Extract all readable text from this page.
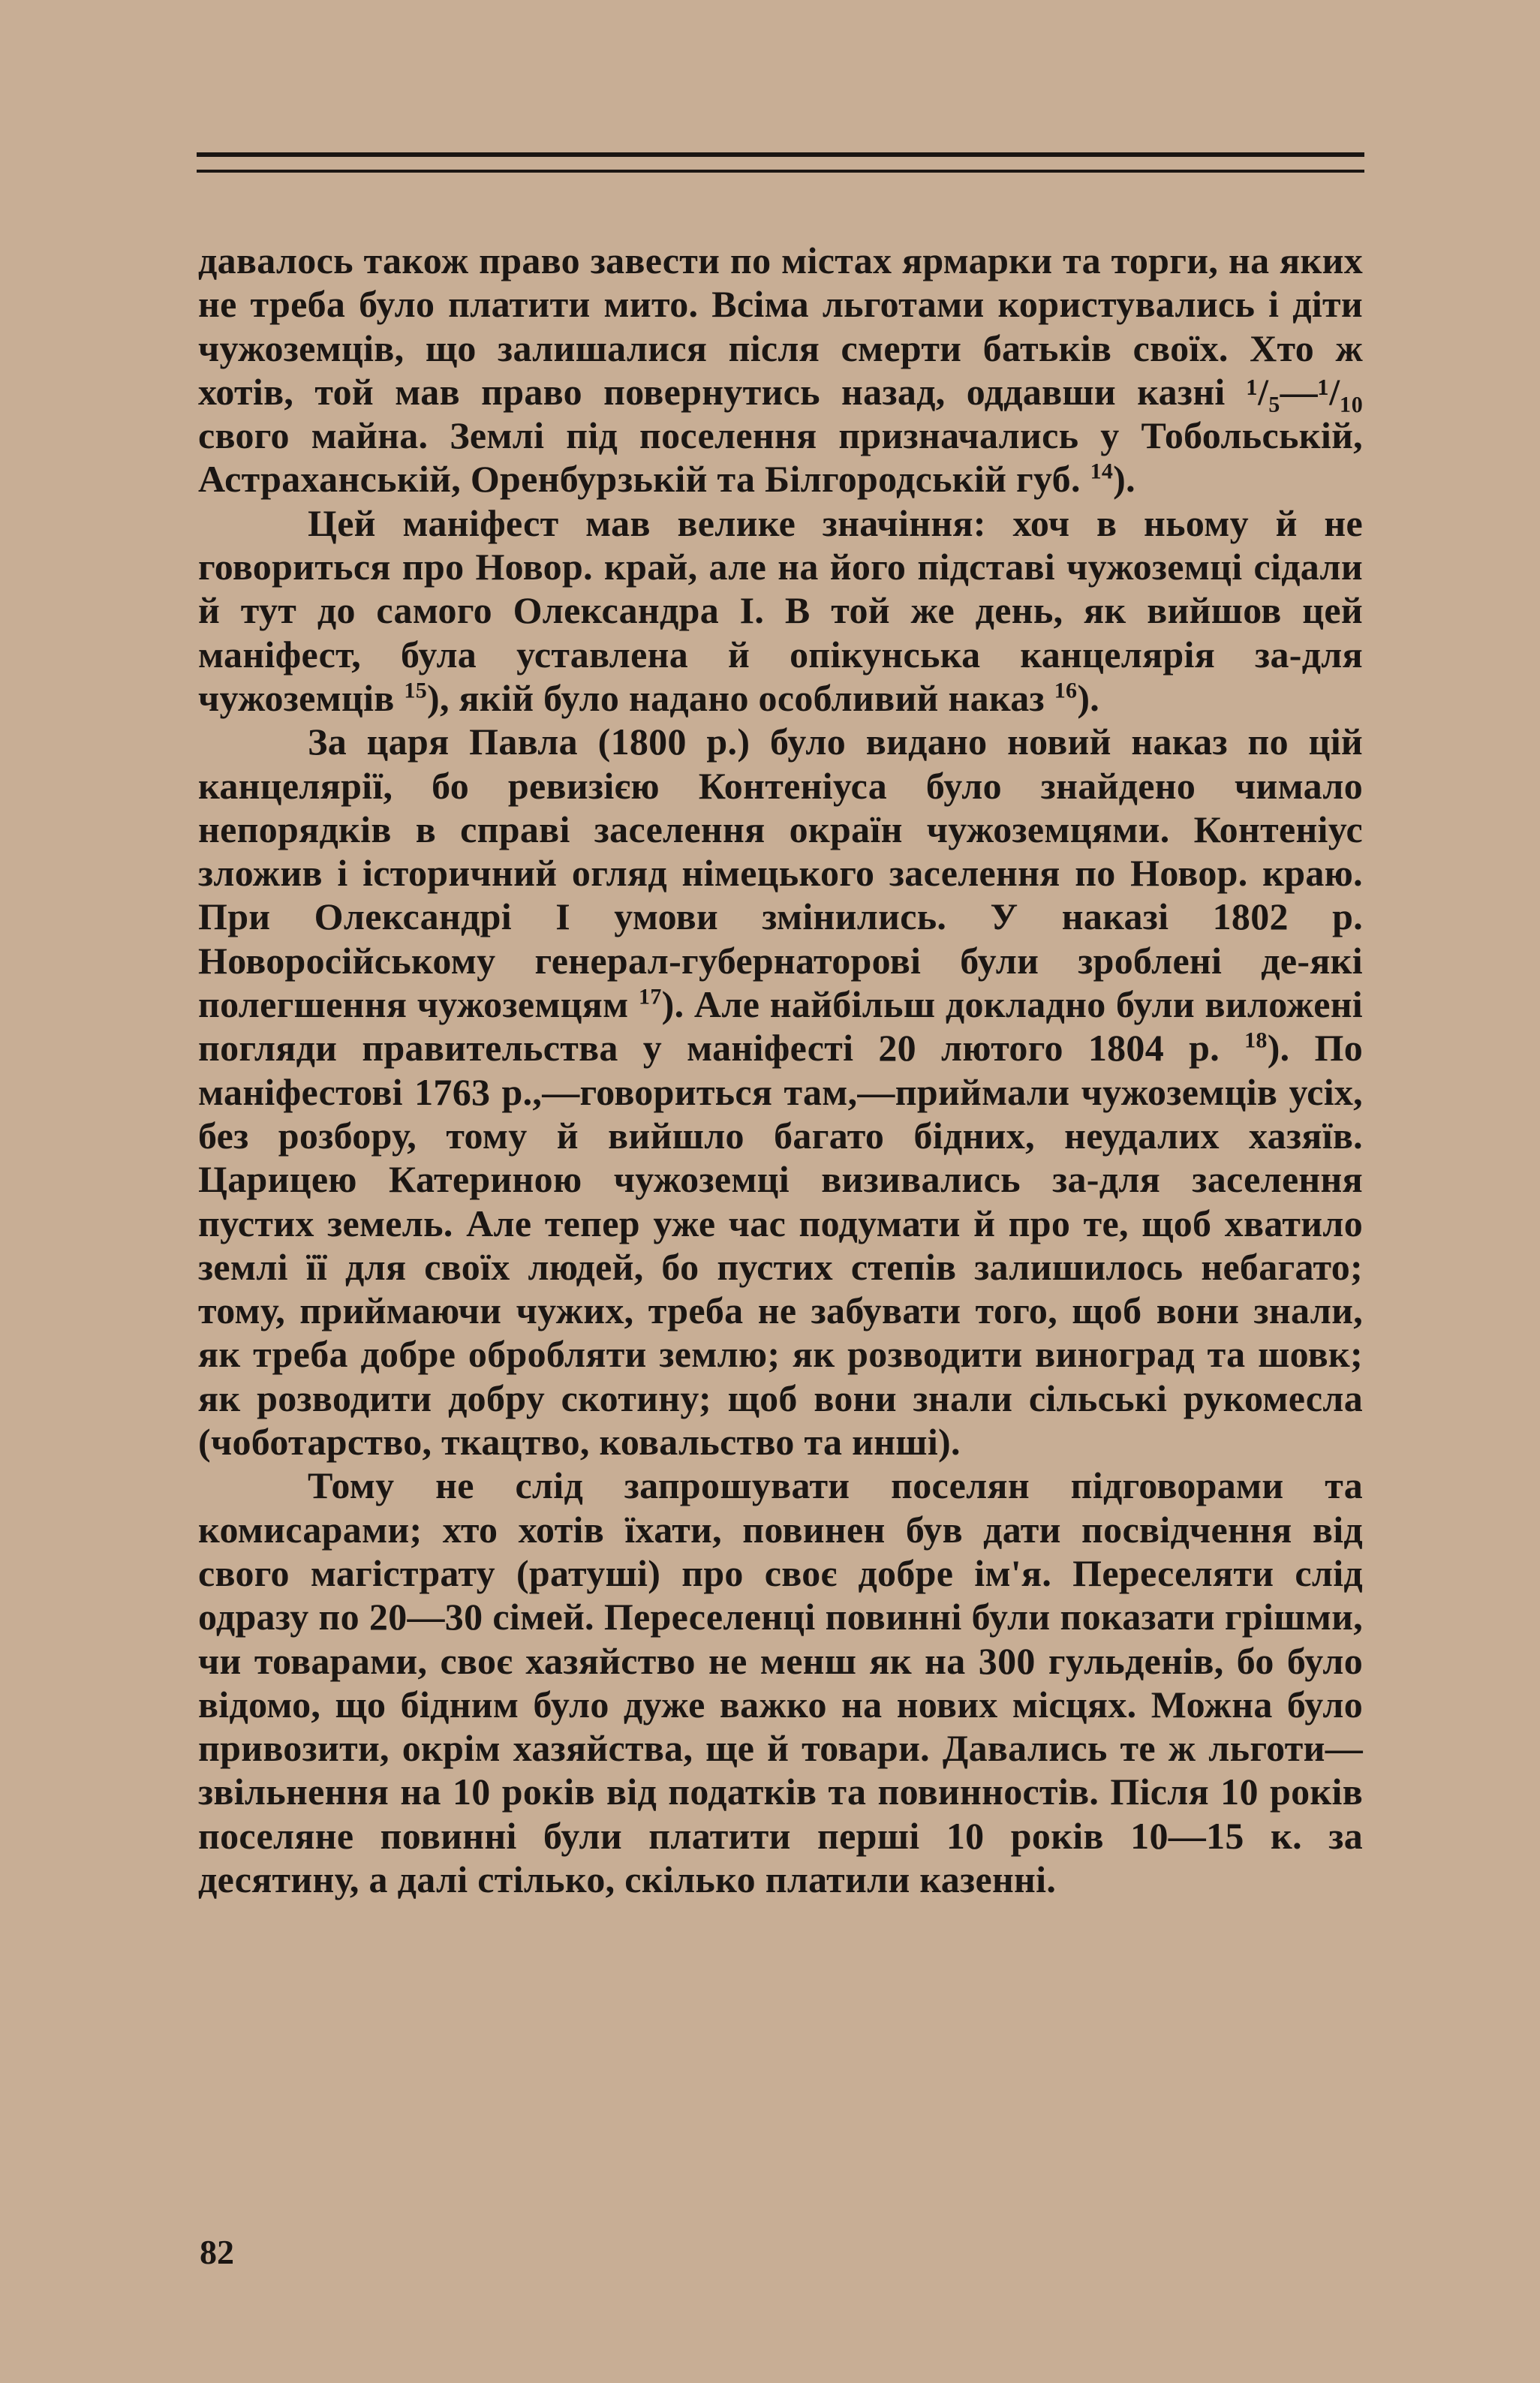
давалось також право завести по містах ярмарки та торги, на яких не треба було платити мито. Всіма льготами користувались і діти чужоземців, що залишалися після смерти батьків своїх. Хто ж хотів, той мав право повернутись назад, оддавши казні ¹/₅—¹/₁₀ свого майна. Землі під поселення призначались у Тобольській, Астраханській, Оренбурзькій та Білгородській губ. $^{14}$).

Цей маніфест мав велике значіння: хоч в ньому й не говориться про Новор. край, але на його підставі чужоземці сідали й тут до самого Олександра І. В той же день, як вийшов цей маніфест, була уставлена й опікунська канцелярія за-для чужоземців $^{15}$), якій було надано особливий наказ $^{16}$).

За царя Павла (1800 р.) було видано новий наказ по цій канцелярії, бо ревизією Контеніуса було знайдено чимало непорядків в справі заселення окраїн чужоземцями. Контеніус зложив і історичний огляд німецького заселення по Новор. краю. При Олександрі І умови змінились. У наказі 1802 р. Новоросійському генерал-губернаторові були зроблені де-які полегшення чужоземцям $^{17}$). Але найбільш докладно були виложені погляди правительства у маніфесті 20 лютого 1804 р. $^{18}$). По маніфестові 1763 р.,—говориться там,—приймали чужоземців усіх, без розбору, тому й вийшло багато бідних, неудалих хазяїв. Царицею Катериною чужоземці визивались за-для заселення пустих земель. Але тепер уже час подумати й про те, щоб хватило землі її для своїх людей, бо пустих степів залишилось небагато; тому, приймаючи чужих, треба не забувати того, щоб вони знали, як треба добре обробляти землю; як розводити виноград та шовк; як розводити добру скотину; щоб вони знали сільські рукомесла (чоботарство, ткацтво, ковальство та инші).

Тому не слід запрошувати поселян підговорами та комисарами; хто хотів їхати, повинен був дати посвідчення від свого магістрату (ратуші) про своє добре ім'я. Переселяти слід одразу по 20—30 сімей. Переселенці повинні були показати грішми, чи товарами, своє хазяйство не менш як на 300 гульденів, бо було відомо, що бідним було дуже важко на нових місцях. Можна було привозити, окрім хазяйства, ще й товари. Давались те ж льготи—звільнення на 10 років від податків та повинностів. Після 10 років поселяне повинні були платити перші 10 років 10—15 к. за десятину, а далі стілько, скілько платили казенні.

82
